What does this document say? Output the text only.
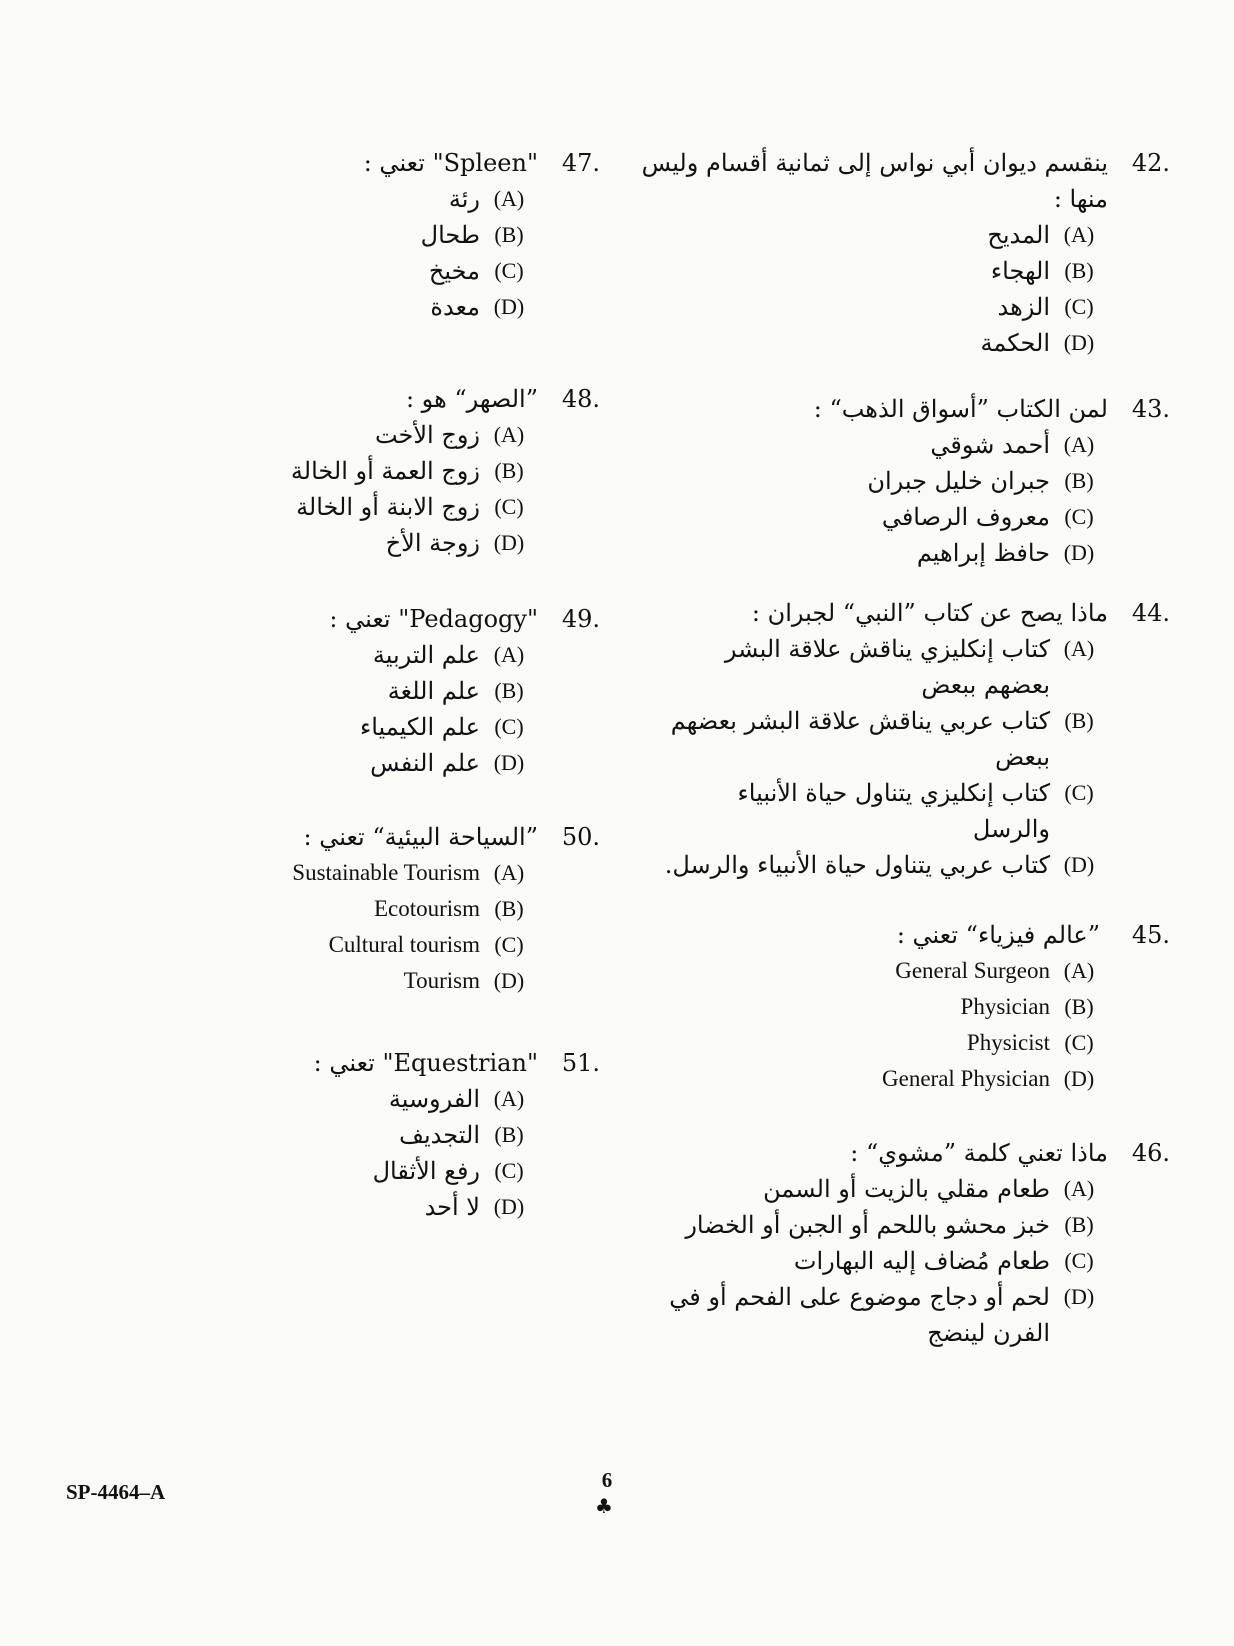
42.
ينقسم ديوان أبي نواس إلى ثمانية أقسام وليس منها :
(A)
المديح
(B)
الهجاء
(C)
الزهد
(D)
الحكمة
43.
لمن الكتاب ”أسواق الذهب“ :
(A)
أحمد شوقي
(B)
جبران خليل جبران
(C)
معروف الرصافي
(D)
حافظ إبراهيم
44.
ماذا يصح عن كتاب ”النبي“ لجبران :
(A)
كتاب إنكليزي يناقش علاقة البشر بعضهم ببعض
(B)
كتاب عربي يناقش علاقة البشر بعضهم ببعض
(C)
كتاب إنكليزي يتناول حياة الأنبياء والرسل
(D)
كتاب عربي يتناول حياة الأنبياء والرسل.
45.
”عالم فيزياء“ تعني :
(A)
General Surgeon
(B)
Physician
(C)
Physicist
(D)
General Physician
46.
ماذا تعني كلمة ”مشوي“ :
(A)
طعام مقلي بالزيت أو السمن
(B)
خبز محشو باللحم أو الجبن أو الخضار
(C)
طعام مُضاف إليه البهارات
(D)
لحم أو دجاج موضوع على الفحم أو في الفرن لينضج
47.
"Spleen" تعني :
(A)
رئة
(B)
طحال
(C)
مخيخ
(D)
معدة
48.
”الصهر“ هو :
(A)
زوج الأخت
(B)
زوج العمة أو الخالة
(C)
زوج الابنة أو الخالة
(D)
زوجة الأخ
49.
"Pedagogy" تعني :
(A)
علم التربية
(B)
علم اللغة
(C)
علم الكيمياء
(D)
علم النفس
50.
”السياحة البيئية“ تعني :
(A)
Sustainable Tourism
(B)
Ecotourism
(C)
Cultural tourism
(D)
Tourism
51.
"Equestrian" تعني :
(A)
الفروسية
(B)
التجديف
(C)
رفع الأثقال
(D)
لا أحد
SP-4464–A	6
♣
